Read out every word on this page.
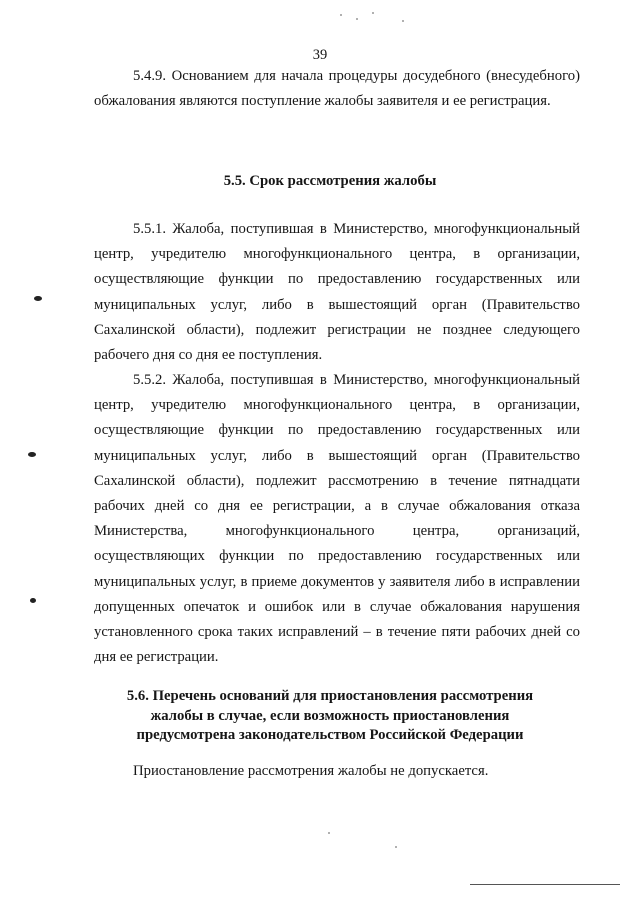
39

5.4.9. Основанием для начала процедуры досудебного (внесудебного) обжалования являются поступление жалобы заявителя и ее регистрация.

5.5. Срок рассмотрения жалобы

5.5.1. Жалоба, поступившая в Министерство, многофункциональный центр, учредителю многофункционального центра, в организации, осуществляющие функции по предоставлению государственных или муниципальных услуг, либо в вышестоящий орган (Правительство Сахалинской области), подлежит регистрации не позднее следующего рабочего дня со дня ее поступления.

5.5.2. Жалоба, поступившая в Министерство, многофункциональный центр, учредителю многофункционального центра, в организации, осуществляющие функции по предоставлению государственных или муниципальных услуг, либо в вышестоящий орган (Правительство Сахалинской области), подлежит рассмотрению в течение пятнадцати рабочих дней со дня ее регистрации, а в случае обжалования отказа Министерства, многофункционального центра, организаций, осуществляющих функции по предоставлению государственных или муниципальных услуг, в приеме документов у заявителя либо в исправлении допущенных опечаток и ошибок или в случае обжалования нарушения установленного срока таких исправлений – в течение пяти рабочих дней со дня ее регистрации.

5.6. Перечень оснований для приостановления рассмотрения
жалобы в случае, если возможность приостановления
предусмотрена законодательством Российской Федерации

Приостановление рассмотрения жалобы не допускается.
